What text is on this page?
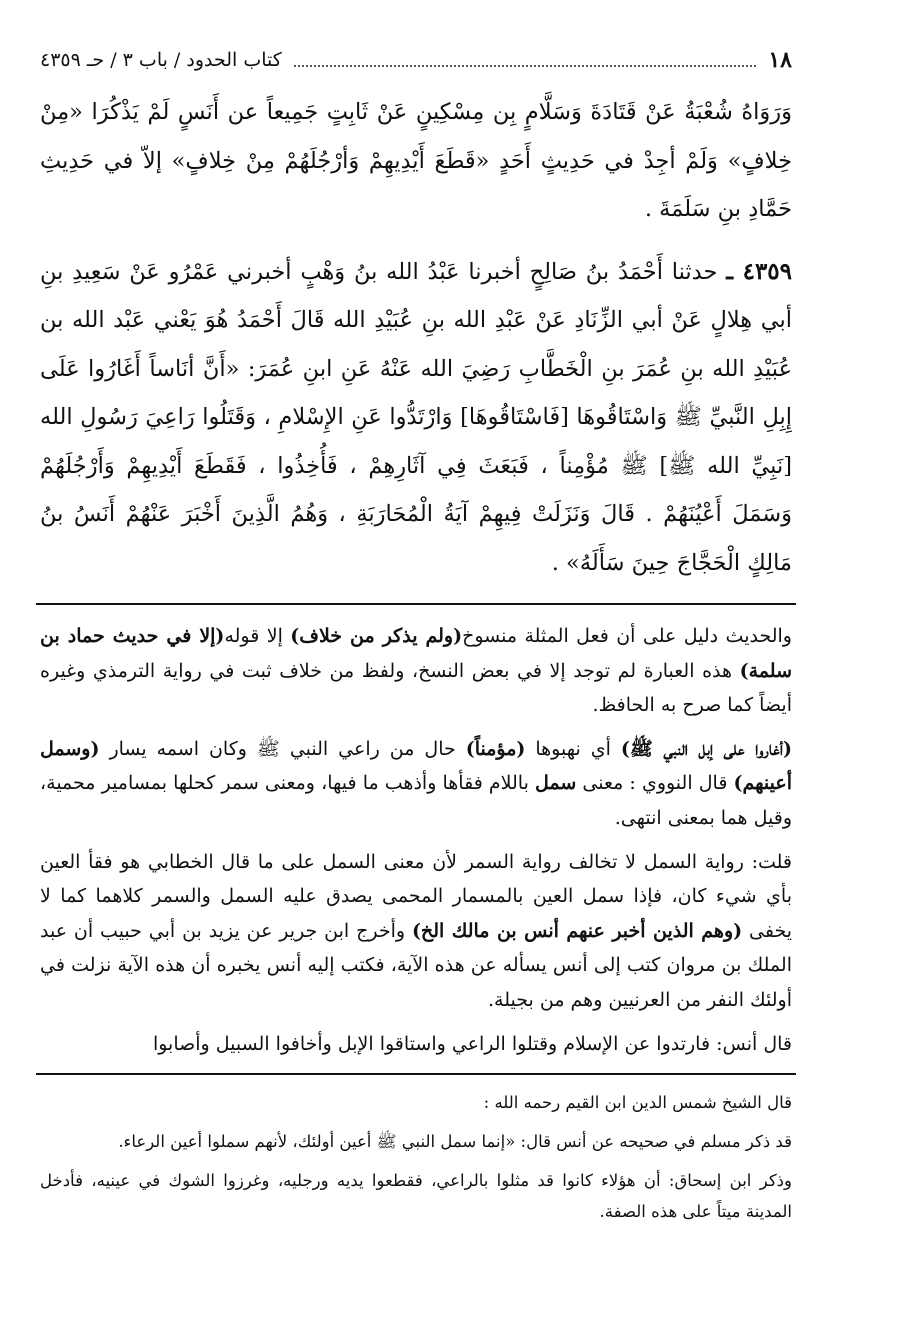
١٨
كتاب الحدود / باب ٣ / حـ ٤٣٥٩

وَرَوَاهُ شُعْبَةُ عَنْ قَتَادَةَ وَسَلَّامٍ بِن مِسْكِينٍ عَنْ ثَابِتٍ جَمِيعاً عن أَنَسٍ لَمْ يَذْكُرَا «مِنْ خِلافٍ» وَلَمْ أجِدْ في حَدِيثٍ أَحَدٍ «قَطَعَ أَيْدِيهِمْ وَأرْجُلَهُمْ مِنْ خِلافٍ» إلاّ في حَدِيثِ حَمَّادِ بنِ سَلَمَةَ .

٤٣٥٩ ـ حدثنا أَحْمَدُ بنُ صَالِحٍ أخبرنا عَبْدُ الله بنُ وَهْبٍ أخبرني عَمْرُو عَنْ سَعِيدِ بنِ أبي هِلالٍ عَنْ أبي الزِّنَادِ عَنْ عَبْدِ الله بنِ عُبَيْدِ الله قَالَ أَحْمَدُ هُوَ يَعْني عَبْد الله بن عُبَيْدِ الله بنِ عُمَرَ بنِ الْخَطَّابِ رَضِيَ الله عَنْهُ عَنِ ابنِ عُمَرَ: «أَنَّ أنَاساً أَغَارُوا عَلَى إِبِلِ النَّبيِّ ﷺ وَاسْتَاقُوهَا [فَاسْتَاقُوهَا] وَارْتَدُّوا عَنِ الإِسْلامِ ، وَقَتَلُوا رَاعِيَ رَسُولِ الله [نَبِيِّ الله ﷺ] ﷺ مُؤْمِناً ، فَبَعَثَ فِي آثَارِهِمْ ، فَأُخِذُوا ، فَقَطَعَ أَيْدِيهِمْ وَأَرْجُلَهُمْ وَسَمَلَ أَعْيُنَهُمْ . قَالَ وَنَزَلَتْ فِيهِمْ آيَةُ الْمُحَارَبَةِ ، وَهُمُ الَّذِينَ أَخْبَرَ عَنْهُمْ أَنَسُ بنُ مَالِكٍ الْحَجَّاجَ حِينَ سَأَلَهُ» .

والحديث دليل على أن فعل المثلة منسوخ(ولم يذكر من خلاف) إلا قوله(إلا في حديث حماد بن سلمة) هذه العبارة لم توجد إلا في بعض النسخ، ولفظ من خلاف ثبت في رواية الترمذي وغيره أيضاً كما صرح به الحافظ.

(أغاروا على إبل النبي ﷺ) أي نهبوها (مؤمناً) حال من راعي النبي ﷺ وكان اسمه يسار (وسمل أعينهم) قال النووي : معنى سمل باللام فقأها وأذهب ما فيها، ومعنى سمر كحلها بمسامير محمية، وقيل هما بمعنى انتهى.

قلت: رواية السمل لا تخالف رواية السمر لأن معنى السمل على ما قال الخطابي هو فقأ العين بأي شيء كان، فإذا سمل العين بالمسمار المحمى يصدق عليه السمل والسمر كلاهما كما لا يخفى (وهم الذين أخبر عنهم أنس بن مالك الخ) وأخرج ابن جرير عن يزيد بن أبي حبيب أن عبد الملك بن مروان كتب إلى أنس يسأله عن هذه الآية، فكتب إليه أنس يخبره أن هذه الآية نزلت في أولئك النفر من العرنيين وهم من بجيلة.

قال أنس: فارتدوا عن الإسلام وقتلوا الراعي واستاقوا الإبل وأخافوا السبيل وأصابوا

قال الشيخ شمس الدين ابن القيم رحمه الله :

قد ذكر مسلم في صحيحه عن أنس قال: «إنما سمل النبي ﷺ أعين أولئك، لأنهم سملوا أعين الرعاء.

وذكر ابن إسحاق: أن هؤلاء كانوا قد مثلوا بالراعي، فقطعوا يديه ورجليه، وغرزوا الشوك في عينيه، فأدخل المدينة ميتاً على هذه الصفة.
